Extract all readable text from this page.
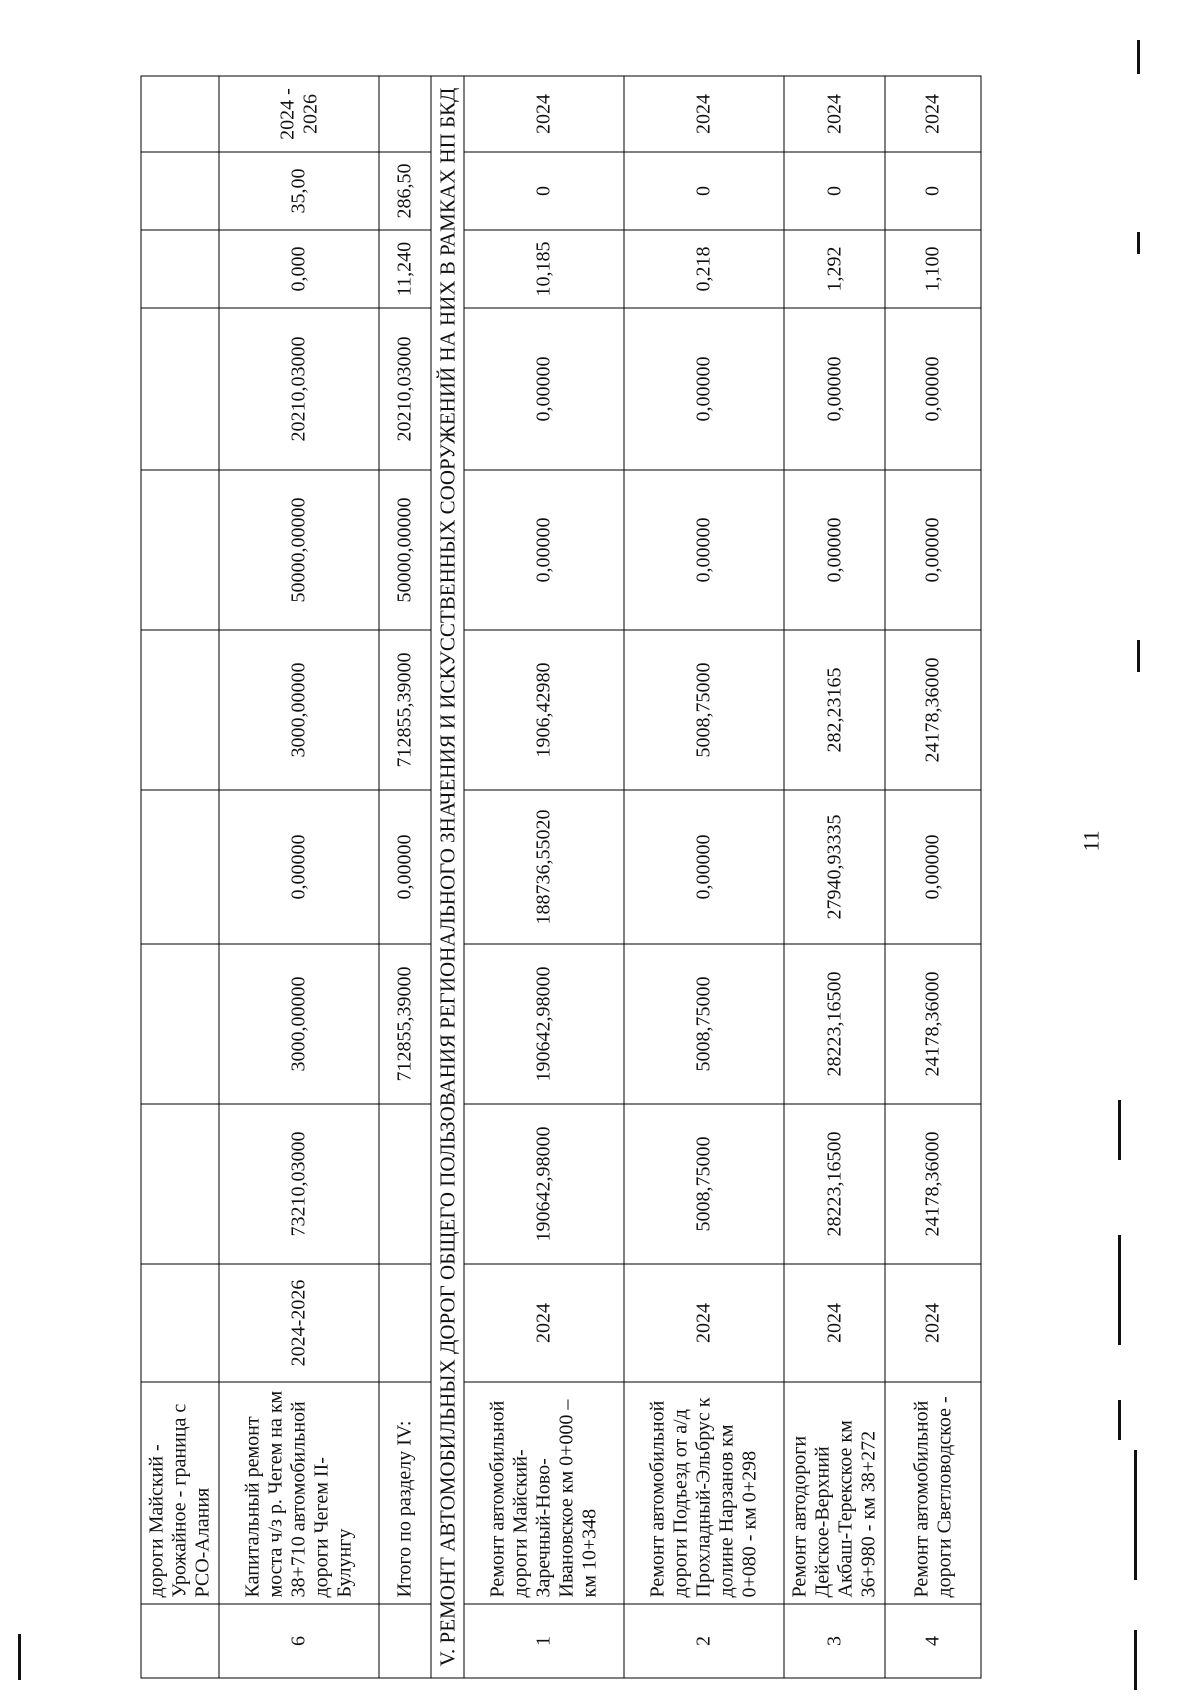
11
	дороги Майский - Урожайное - граница с РСО-Алания										
6	Капитальный ремонт моста ч/з р. Чегем на км 38+710 автомобильной дороги Чегем II-Булунгу	2024-2026	73210,03000	3000,00000	0,00000	3000,00000	50000,00000	20210,03000	0,000	35,00	2024 - 2026
	Итого по разделу IV:			712855,39000	0,00000	712855,39000	50000,00000	20210,03000	11,240	286,50	
V. РЕМОНТ АВТОМОБИЛЬНЫХ ДОРОГ ОБЩЕГО ПОЛЬЗОВАНИЯ РЕГИОНАЛЬНОГО ЗНАЧЕНИЯ И ИСКУССТВЕННЫХ СООРУЖЕНИЙ НА НИХ В РАМКАХ НП БКД											
1	Ремонт автомобильной дороги Майский-Заречный-Ново-Ивановское км 0+000 – км 10+348	2024	190642,98000	190642,98000	188736,55020	1906,42980	0,00000	0,00000	10,185	0	2024
2	Ремонт автомобильной дороги Подъезд от а/д Прохладный-Эльбрус к долине Нарзанов км 0+080 - км 0+298	2024	5008,75000	5008,75000	0,00000	5008,75000	0,00000	0,00000	0,218	0	2024
3	Ремонт автодороги Дейское-Верхний Акбаш-Терекское км 36+980 - км 38+272	2024	28223,16500	28223,16500	27940,93335	282,23165	0,00000	0,00000	1,292	0	2024
4	Ремонт автомобильной дороги Светловодское -	2024	24178,36000	24178,36000	0,00000	24178,36000	0,00000	0,00000	1,100	0	2024
